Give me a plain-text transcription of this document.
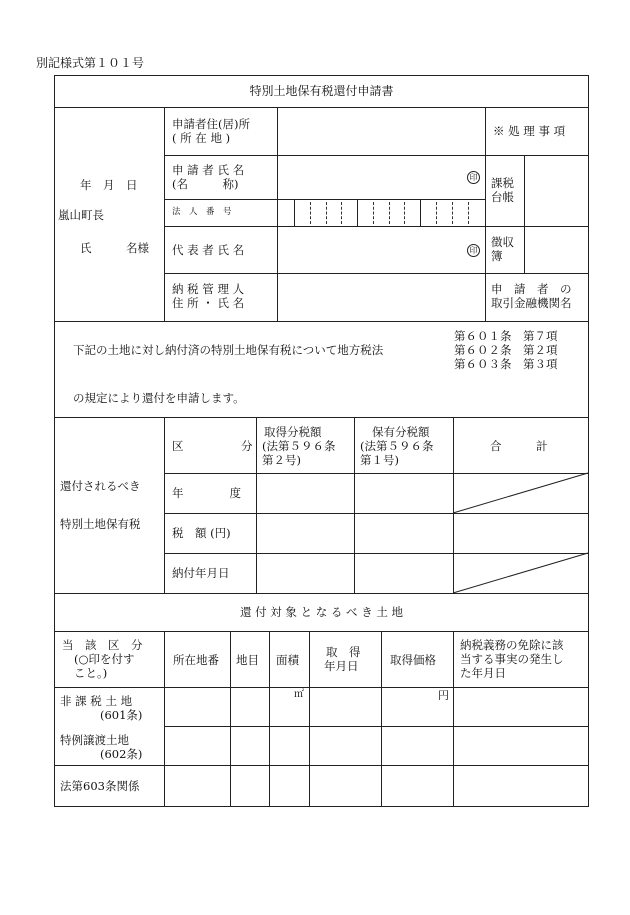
別記様式第１０１号
特別土地保有税還付申請書
年　月　日
嵐山町長
氏　　　名様
申請者住(居)所
( 所 在 地 )
申 請 者 氏 名
(名　　　称)
法　人　番　号
代 表 者 氏 名
納 税 管 理 人
住 所 ・ 氏 名
印
印
※ 処 理 事 項
課税
台帳
徴収
簿
申　請　者　の
取引金融機関名
下記の土地に対し納付済の特別土地保有税について地方税法
第６０１条　第７項
第６０２条　第２項
第６０３条　第３項
の規定により還付を申請します。
還付されるべき
特別土地保有税
区　　　　　分
取得分税額
(法第５９６条
第２号)
保有分税額
(法第５９６条
第１号)
合　　　計
年　　　　度
税　額 (円)
納付年月日
還 付 対 象 と な る べ き 土 地
当　該　区　分
(○印を付す
こと。)
所在地番 地目 面積
取　得
年月日	取得価格
納税義務の免除に該
当する事実の発生し
た年月日
非 課 税 土 地
(601条)
特例譲渡土地
(602条)
法第603条関係
㎡	円
